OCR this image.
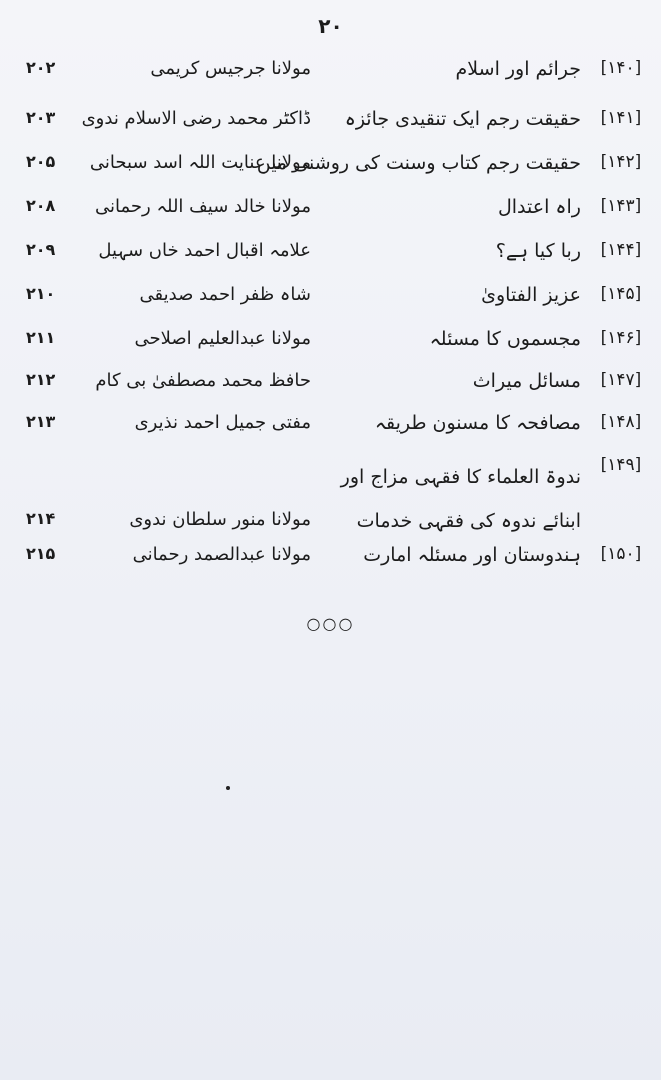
۲۰
[۱۴۰]
جرائم اور اسلام
مولانا جرجیس کریمی
۲۰۲
[۱۴۱]
حقیقت رجم ایک تنقیدی جائزہ
ڈاکٹر محمد رضی الاسلام ندوی
۲۰۳
[۱۴۲]
حقیقت رجم کتاب وسنت کی روشنی میں
مولانا عنایت اللہ اسد سبحانی
۲۰۵
[۱۴۳]
راہ اعتدال
مولانا خالد سیف اللہ رحمانی
۲۰۸
[۱۴۴]
ربا کیا ہے؟
علامہ اقبال احمد خاں سہیل
۲۰۹
[۱۴۵]
عزیز الفتاویٰ
شاہ ظفر احمد صدیقی
۲۱۰
[۱۴۶]
مجسموں کا مسئلہ
مولانا عبدالعلیم اصلاحی
۲۱۱
[۱۴۷]
مسائل میراث
حافظ محمد مصطفیٰ بی کام
۲۱۲
[۱۴۸]
مصافحہ کا مسنون طریقہ
مفتی جمیل احمد نذیری
۲۱۳
[۱۴۹]
ندوۃ العلماء کا فقہی مزاج اور ابنائے ندوہ کی فقہی خدمات
مولانا منور سلطان ندوی
۲۱۴
[۱۵۰]
ہندوستان اور مسئلہ امارت
مولانا عبدالصمد رحمانی
۲۱۵
○○○
